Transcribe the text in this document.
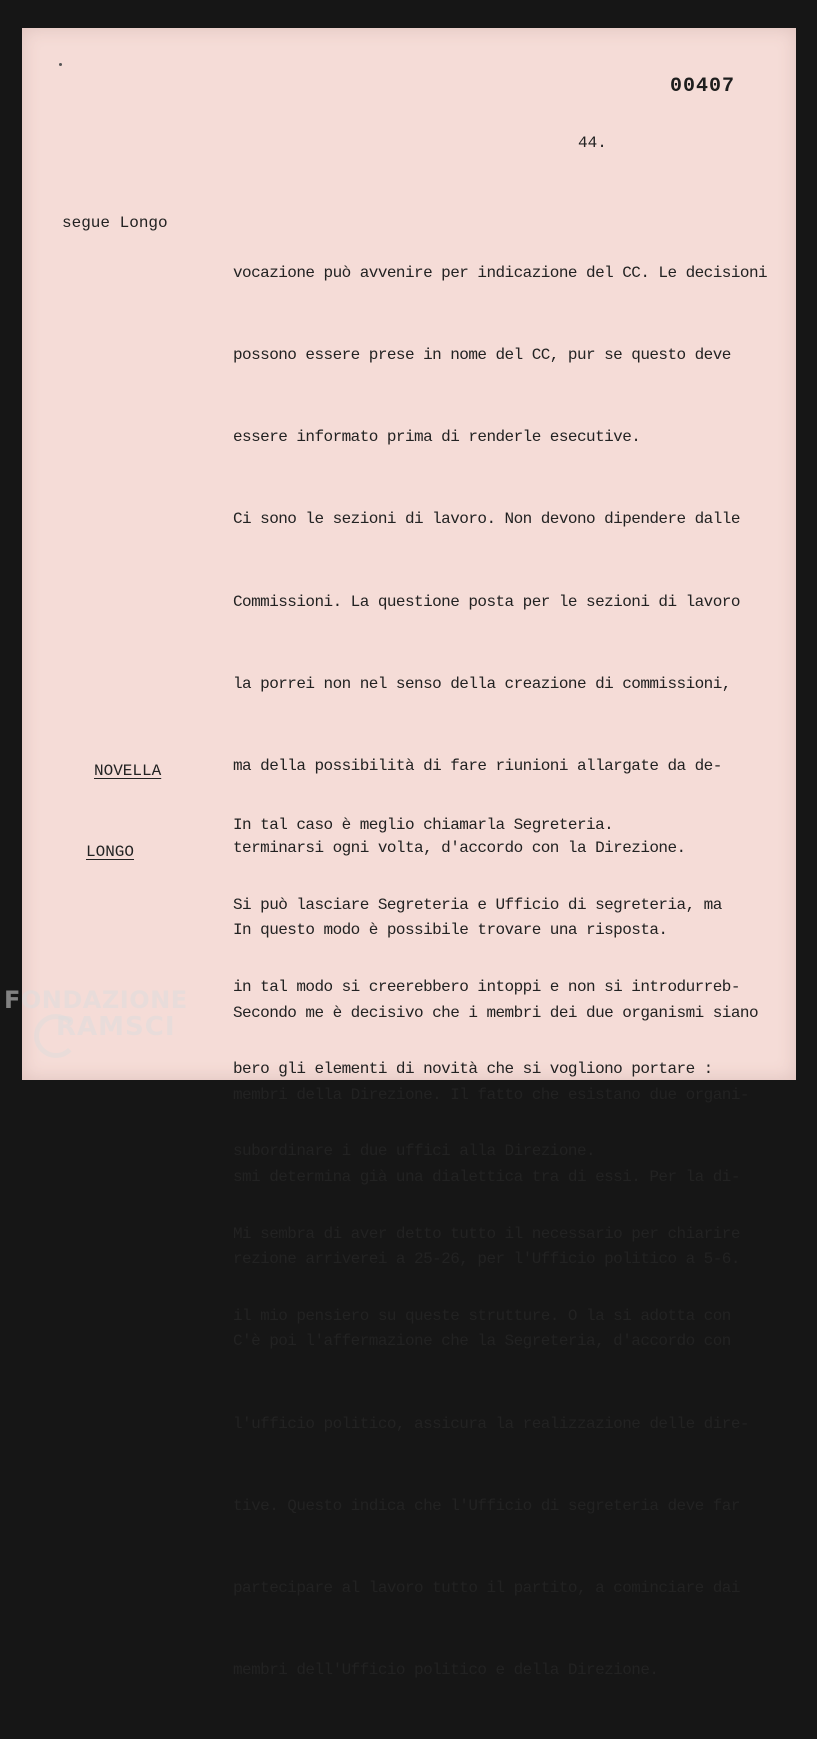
00407
44.
segue Longo

vocazione può avvenire per indicazione del CC. Le decisioni

possono essere prese in nome del CC, pur se questo deve

essere informato prima di renderle esecutive.

Ci sono le sezioni di lavoro. Non devono dipendere dalle

Commissioni. La questione posta per le sezioni di lavoro

la porrei non nel senso della creazione di commissioni,

ma della possibilità di fare riunioni allargate da de-

terminarsi ogni volta, d'accordo con la Direzione.

In questo modo è possibile trovare una risposta.

Secondo me è decisivo che i membri dei due organismi siano

membri della Direzione. Il fatto che esistano due organi-

smi determina già una dialettica tra di essi. Per la di-

rezione arriverei a 25-26, per l'Ufficio politico a 5-6.

C'è poi l'affermazione che la Segreteria, d'accordo con

l'ufficio politico, assicura la realizzazione delle dire-

tive. Questo indica che l'Ufficio di segreteria deve far

partecipare al lavoro tutto il partito, a cominciare dai

membri dell'Ufficio politico e della Direzione.

NOVELLA

In tal caso è meglio chiamarla Segreteria.

LONGO

Si può lasciare Segreteria e Ufficio di segreteria, ma

in tal modo si creerebbero intoppi e non si introdurreb-

bero gli elementi di novità che si vogliono portare :

subordinare i due uffici alla Direzione.

Mi sembra di aver detto tutto il necessario per chiarire

il mio pensiero su queste strutture. O la si adotta con

FONDAZIONE
RAMSCI
